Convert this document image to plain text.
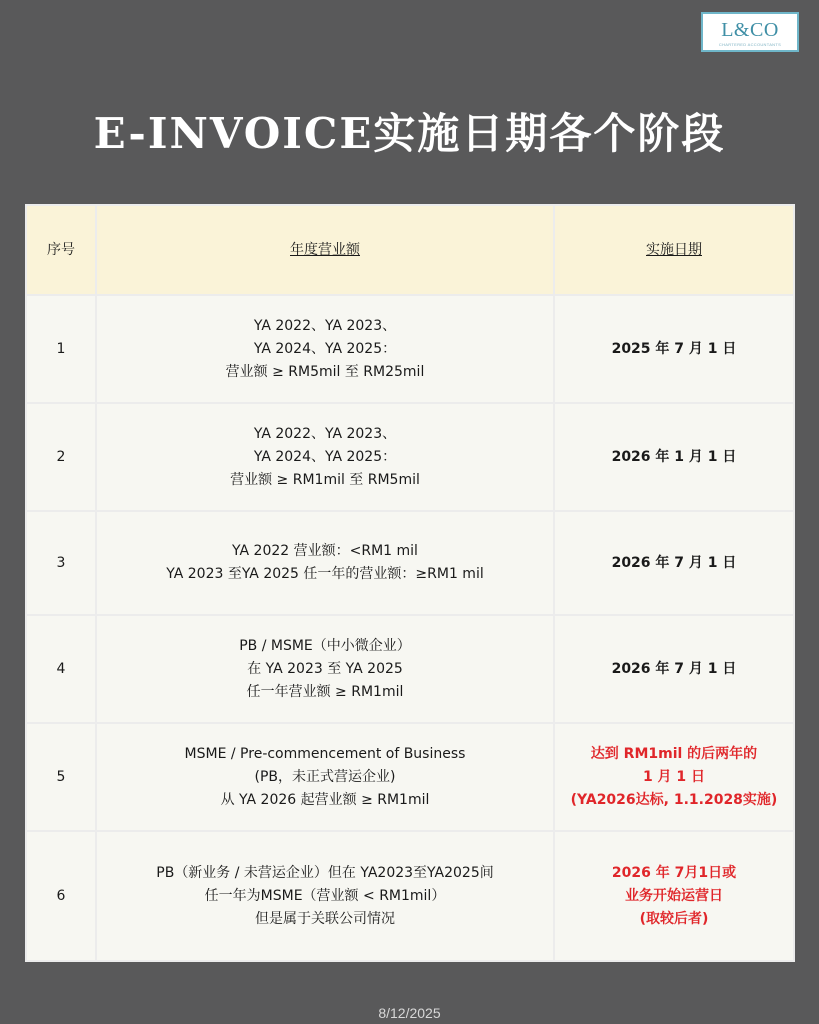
L&CO
CHARTERED ACCOUNTANTS
E-INVOICE实施日期各个阶段
序号	年度营业额	实施日期
1	YA 2022、YA 2023、
YA 2024、YA 2025：
营业额 ≥ RM5mil 至 RM25mil	2025 年 7 月 1 日

2	YA 2022、YA 2023、
YA 2024、YA 2025：
营业额 ≥ RM1mil 至 RM5mil	2026 年 1 月 1 日

3	YA 2022 营业额：<RM1 mil
YA 2023 至YA 2025 任一年的营业额：≥RM1 mil	2026 年 7 月 1 日

4	PB / MSME（中小微企业）
在 YA 2023 至 YA 2025
任一年营业额 ≥ RM1mil	2026 年 7 月 1 日

5	MSME / Pre-commencement of Business
(PB，未正式营运企业)
从 YA 2026 起营业额 ≥ RM1mil	达到 RM1mil 的后两年的
1 月 1 日
(YA2026达标, 1.1.2028实施)

6	PB（新业务 / 未营运企业）但在 YA2023至YA2025间
任一年为MSME（营业额 < RM1mil）
但是属于关联公司情况	2026 年 7月1日或
业务开始运营日
(取较后者)
8/12/2025
